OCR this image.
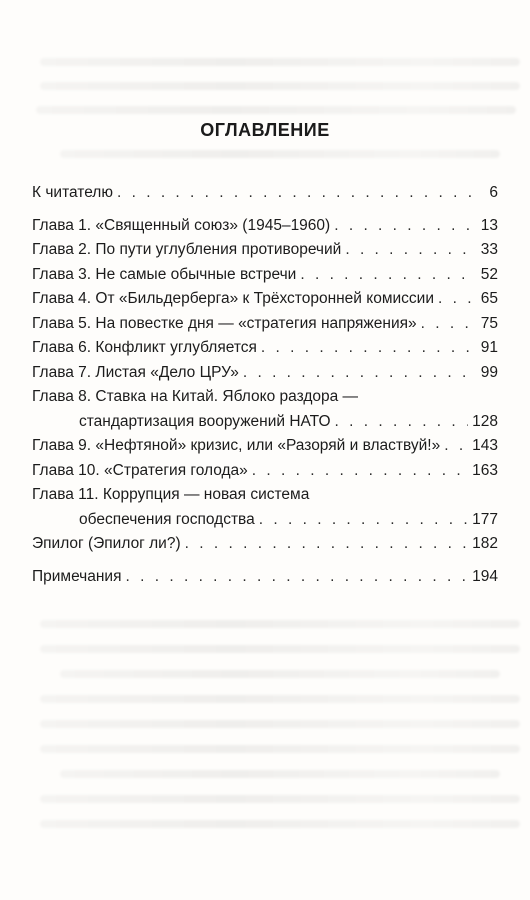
ОГЛАВЛЕНИЕ
К читателю . . .	6
Глава 1. «Священный союз» (1945–1960) . . .	13
Глава 2. По пути углубления противоречий . . .	33
Глава 3. Не самые обычные встречи . . .	52
Глава 4. От «Бильдерберга» к Трёхсторонней комиссии . . .	65
Глава 5. На повестке дня — «стратегия напряжения» . . .	75
Глава 6. Конфликт углубляется . . .	91
Глава 7. Листая «Дело ЦРУ» . . .	99
Глава 8. Ставка на Китай. Яблоко раздора —
стандартизация вооружений НАТО . . .	128
Глава 9. «Нефтяной» кризис, или «Разоряй и властвуй!» . . . 143
Глава 10. «Стратегия голода» . . .	163
Глава 11. Коррупция — новая система
обеспечения господства . . .	177
Эпилог (Эпилог ли?) . . .	182
Примечания . . .	194
